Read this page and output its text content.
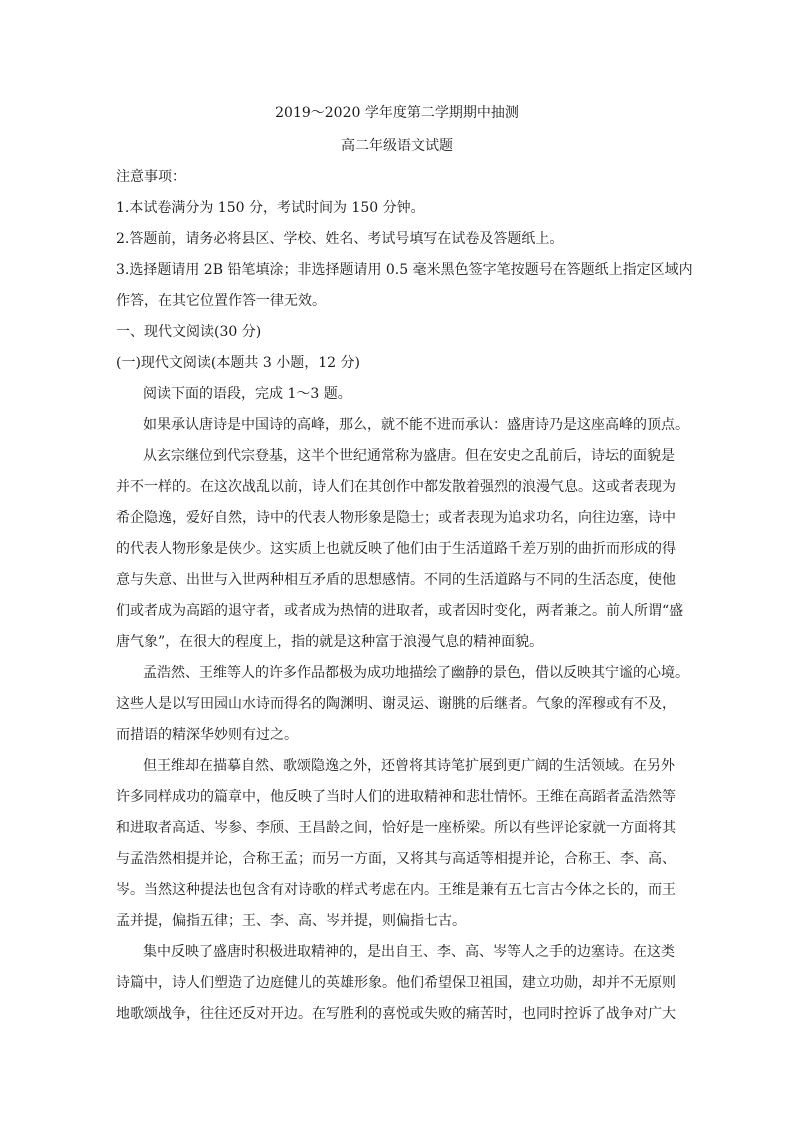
2019～2020 学年度第二学期期中抽测
高二年级语文试题
注意事项：
1.本试卷满分为 150 分，考试时间为 150 分钟。
2.答题前，请务必将县区、学校、姓名、考试号填写在试卷及答题纸上。
3.选择题请用 2B 铅笔填涂；非选择题请用 0.5 毫米黑色签字笔按题号在答题纸上指定区域内
作答，在其它位置作答一律无效。
一、现代文阅读(30 分)
(一)现代文阅读(本题共 3 小题，12 分)
阅读下面的语段，完成 1～3 题。
如果承认唐诗是中国诗的高峰，那么，就不能不进而承认：盛唐诗乃是这座高峰的顶点。
从玄宗继位到代宗登基，这半个世纪通常称为盛唐。但在安史之乱前后，诗坛的面貌是
并不一样的。在这次战乱以前，诗人们在其创作中都发散着强烈的浪漫气息。这或者表现为
希企隐逸，爱好自然，诗中的代表人物形象是隐士；或者表现为追求功名，向往边塞，诗中
的代表人物形象是侠少。这实质上也就反映了他们由于生活道路千差万别的曲折而形成的得
意与失意、出世与入世两种相互矛盾的思想感情。不同的生活道路与不同的生活态度，使他
们或者成为高蹈的退守者，或者成为热情的进取者，或者因时变化，两者兼之。前人所谓“盛
唐气象”，在很大的程度上，指的就是这种富于浪漫气息的精神面貌。
孟浩然、王维等人的许多作品都极为成功地描绘了幽静的景色，借以反映其宁谧的心境。
这些人是以写田园山水诗而得名的陶渊明、谢灵运、谢朓的后继者。气象的浑穆或有不及，
而措语的精深华妙则有过之。
但王维却在描摹自然、歌颂隐逸之外，还曾将其诗笔扩展到更广阔的生活领域。在另外
许多同样成功的篇章中，他反映了当时人们的进取精神和悲壮情怀。王维在高蹈者孟浩然等
和进取者高适、岑参、李颀、王昌龄之间，恰好是一座桥梁。所以有些评论家就一方面将其
与孟浩然相提并论，合称王孟；而另一方面，又将其与高适等相提并论，合称王、李、高、
岑。当然这种提法也包含有对诗歌的样式考虑在内。王维是兼有五七言古今体之长的，而王
孟并提，偏指五律；王、李、高、岑并提，则偏指七古。
集中反映了盛唐时积极进取精神的，是出自王、李、高、岑等人之手的边塞诗。在这类
诗篇中，诗人们塑造了边庭健儿的英雄形象。他们希望保卫祖国，建立功勋，却并不无原则
地歌颂战争，往往还反对开边。在写胜利的喜悦或失败的痛苦时，也同时控诉了战争对广大
